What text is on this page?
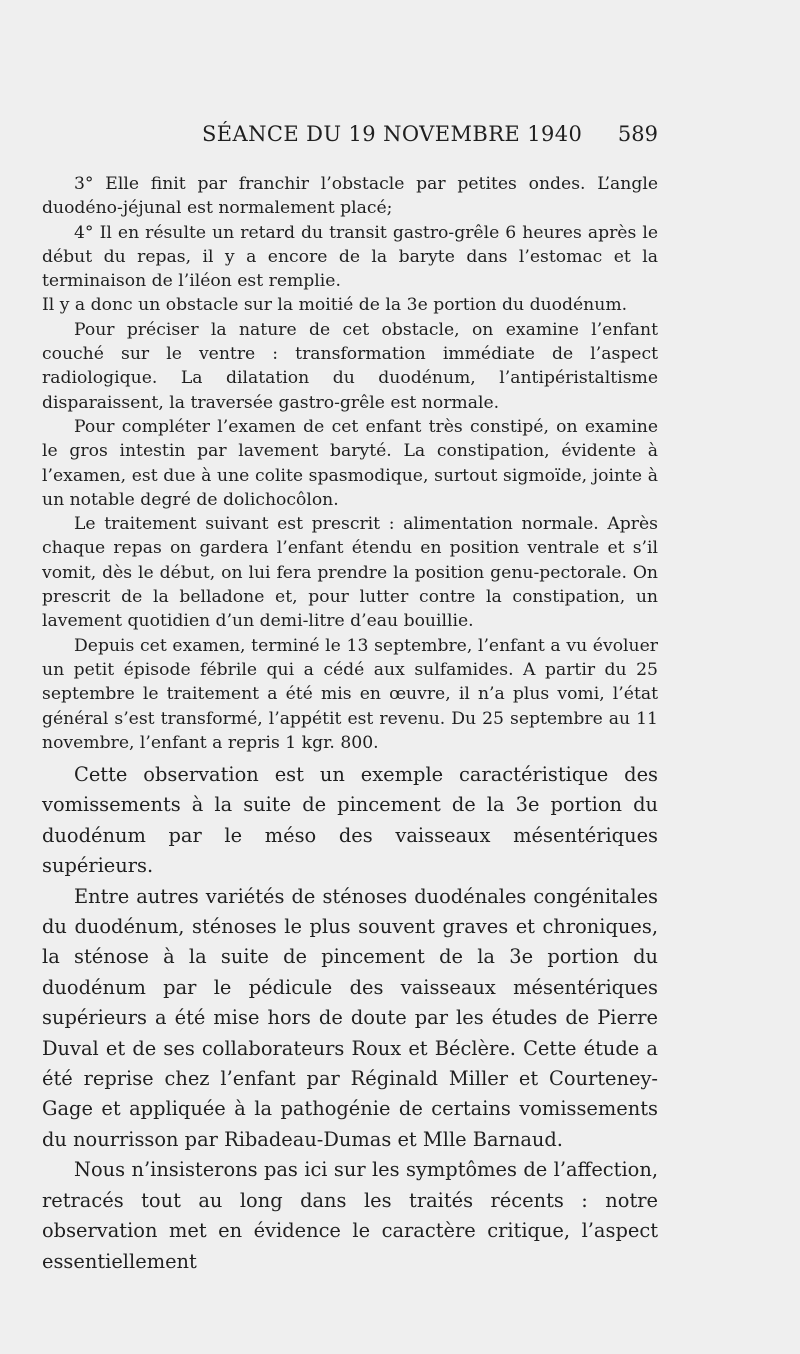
SÉANCE DU 19 NOVEMBRE 1940 589

3° Elle finit par franchir l’obstacle par petites ondes. L’angle duodéno-jéjunal est normalement placé;

4° Il en résulte un retard du transit gastro-grêle 6 heures après le début du repas, il y a encore de la baryte dans l’estomac et la terminaison de l’iléon est remplie.

Il y a donc un obstacle sur la moitié de la 3e portion du duodénum.

Pour préciser la nature de cet obstacle, on examine l’enfant couché sur le ventre : transformation immédiate de l’aspect radiologique. La dilatation du duodénum, l’antipéristaltisme disparaissent, la traversée gastro-grêle est normale.

Pour compléter l’examen de cet enfant très constipé, on examine le gros intestin par lavement baryté. La constipation, évidente à l’examen, est due à une colite spasmodique, surtout sigmoïde, jointe à un notable degré de dolichocôlon.

Le traitement suivant est prescrit : alimentation normale. Après chaque repas on gardera l’enfant étendu en position ventrale et s’il vomit, dès le début, on lui fera prendre la position genu-pectorale. On prescrit de la belladone et, pour lutter contre la constipation, un lavement quotidien d’un demi-litre d’eau bouillie.

Depuis cet examen, terminé le 13 septembre, l’enfant a vu évoluer un petit épisode fébrile qui a cédé aux sulfamides. A partir du 25 septembre le traitement a été mis en œuvre, il n’a plus vomi, l’état général s’est transformé, l’appétit est revenu. Du 25 septembre au 11 novembre, l’enfant a repris 1 kgr. 800.

Cette observation est un exemple caractéristique des vomissements à la suite de pincement de la 3e portion du duodénum par le méso des vaisseaux mésentériques supérieurs.

Entre autres variétés de sténoses duodénales congénitales du duodénum, sténoses le plus souvent graves et chroniques, la sténose à la suite de pincement de la 3e portion du duodénum par le pédicule des vaisseaux mésentériques supérieurs a été mise hors de doute par les études de Pierre Duval et de ses collaborateurs Roux et Béclère. Cette étude a été reprise chez l’enfant par Réginald Miller et Courteney-Gage et appliquée à la pathogénie de certains vomissements du nourrisson par Ribadeau-Dumas et Mlle Barnaud.

Nous n’insisterons pas ici sur les symptômes de l’affection, retracés tout au long dans les traités récents : notre observation met en évidence le caractère critique, l’aspect essentiellement
